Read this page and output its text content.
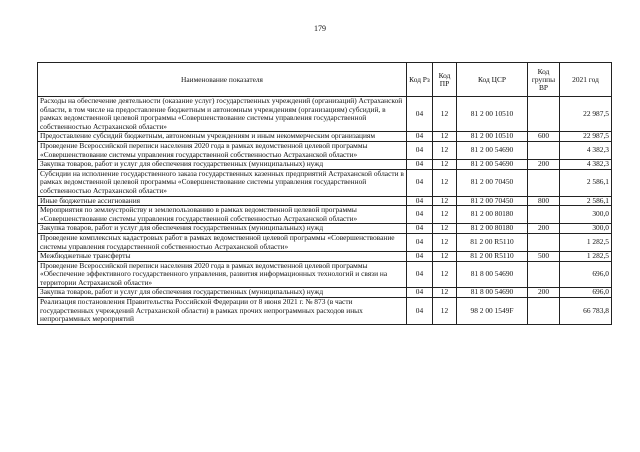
179
Наименование показателя	Код Рз	Код ПР	Код ЦСР	Код группы ВР	2021 год
Расходы на обеспечение деятельности (оказание услуг) государственных учреждений (организаций) Астраханской области, в том числе на предоставление бюджетным и автономным учреждениям (организациям) субсидий, в рамках ведомственной целевой программы «Совершенствование системы управления государственной собственностью Астраханской области»	04	12	81 2 00 10510		22 987,5
Предоставление субсидий бюджетным, автономным учреждениям и иным некоммерческим организациям	04	12	81 2 00 10510	600	22 987,5
Проведение Всероссийской переписи населения 2020 года в рамках ведомственной целевой программы «Совершенствование системы управления государственной собственностью Астраханской области»	04	12	81 2 00 54690		4 382,3
Закупка товаров, работ и услуг для обеспечения государственных (муниципальных) нужд	04	12	81 2 00 54690	200	4 382,3
Субсидии на исполнение государственного заказа государственных казенных предприятий Астраханской области в рамках ведомственной целевой программы «Совершенствование системы управления государственной собственностью Астраханской области»	04	12	81 2 00 70450		2 586,1
Иные бюджетные ассигнования	04	12	81 2 00 70450	800	2 586,1
Мероприятия по землеустройству и землепользованию в рамках ведомственной целевой программы «Совершенствование системы управления государственной собственностью Астраханской области»	04	12	81 2 00 80180		300,0
Закупка товаров, работ и услуг для обеспечения государственных (муниципальных) нужд	04	12	81 2 00 80180	200	300,0
Проведение комплексных кадастровых работ в рамках ведомственной целевой программы «Совершенствование системы управления государственной собственностью Астраханской области»	04	12	81 2 00 R5110		1 282,5
Межбюджетные трансферты	04	12	81 2 00 R5110	500	1 282,5
Проведение Всероссийской переписи населения 2020 года в рамках ведомственной целевой программы «Обеспечение эффективного государственного управления, развития информационных технологий и связи на территории Астраханской области»	04	12	81 8 00 54690		696,0
Закупка товаров, работ и услуг для обеспечения государственных (муниципальных) нужд	04	12	81 8 00 54690	200	696,0
Реализация постановления Правительства Российской Федерации от 8 июня 2021 г. № 873 (в части государственных учреждений Астраханской области) в рамках прочих непрограммных расходов иных непрограммных мероприятий	04	12	98 2 00 1549F		66 783,8
